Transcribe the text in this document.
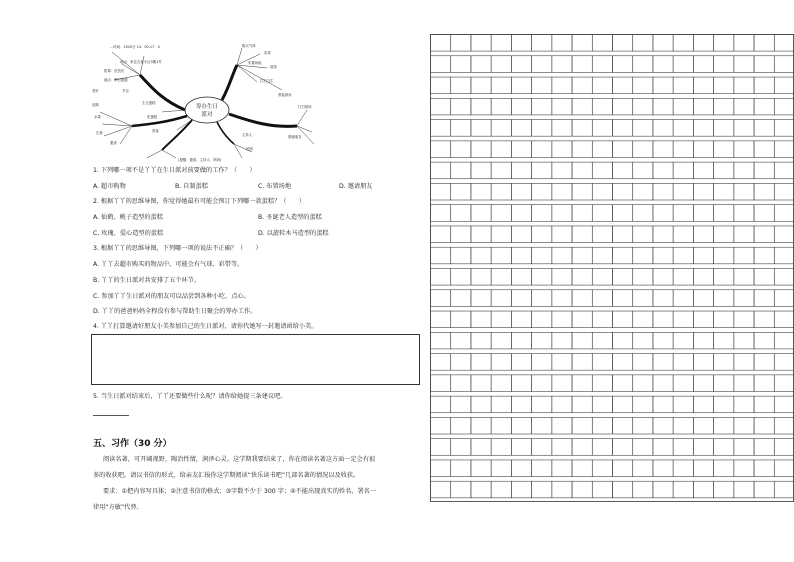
筹办生日
派对
…时间：2020日 14：00-17：0
地点：家住在某小区3楼3号
报幕：贺贺庆
地点：梦幻蛋糕
美好	节目
选购
水果
生日蛋糕
吃蛋糕
礼物
邀请
准备
购买气球
彩带
装饰
布置场地
打扫卫生
准备游戏
打扫现场
感谢朋友
主持人
拍照
(提醒：邀请、主持人：妈妈)
1. 下列哪一项不是丫丫在生日派对前要做的工作？（　　）
A. 超市购物	B. 自制蛋糕	C. 布置场地	D. 邀请朋友
2. 根据丫丫的思维导图，你觉得她最有可能会预订下列哪一款蛋糕？（　　）
A. 仙鹤、桃子造型的蛋糕	B. 圣诞老人造型的蛋糕
C. 玫瑰、爱心造型的蛋糕	D. 以旋转木马造型的蛋糕
3. 根据丫丫的思维导图，下列哪一项的说法不正确？（　　）
A. 丫丫去超市购买的物品中，可能会有气球、彩带等。
B. 丫丫的生日派对共安排了五个环节。
C. 参加丫丫生日派对的朋友可以品尝到各种小吃、点心。
D. 丫丫的爸爸妈妈全程没有参与帮助生日聚会的筹办工作。
4. 丫丫打算邀请好朋友小美参加自己的生日派对，请你代她写一封邀请函给小美。
5. 当生日派对结束后，丫丫还要做些什么呢？请你给她提三条建议吧。
五、习作（30 分）
阅读名著，可开阔视野，陶冶性情，润泽心灵。这学期我要结束了，你在阅读名著这方面一定会有很
多的收获吧。请以书信的形式，给亲友汇报你这学期阅读“快乐读书吧”几部名著的情况以及收获。
要求：①把内容写具体；②注意书信的格式；③字数不少于 300 字；④不能出现真实的姓名，署名一
律用“方敏”代替。
